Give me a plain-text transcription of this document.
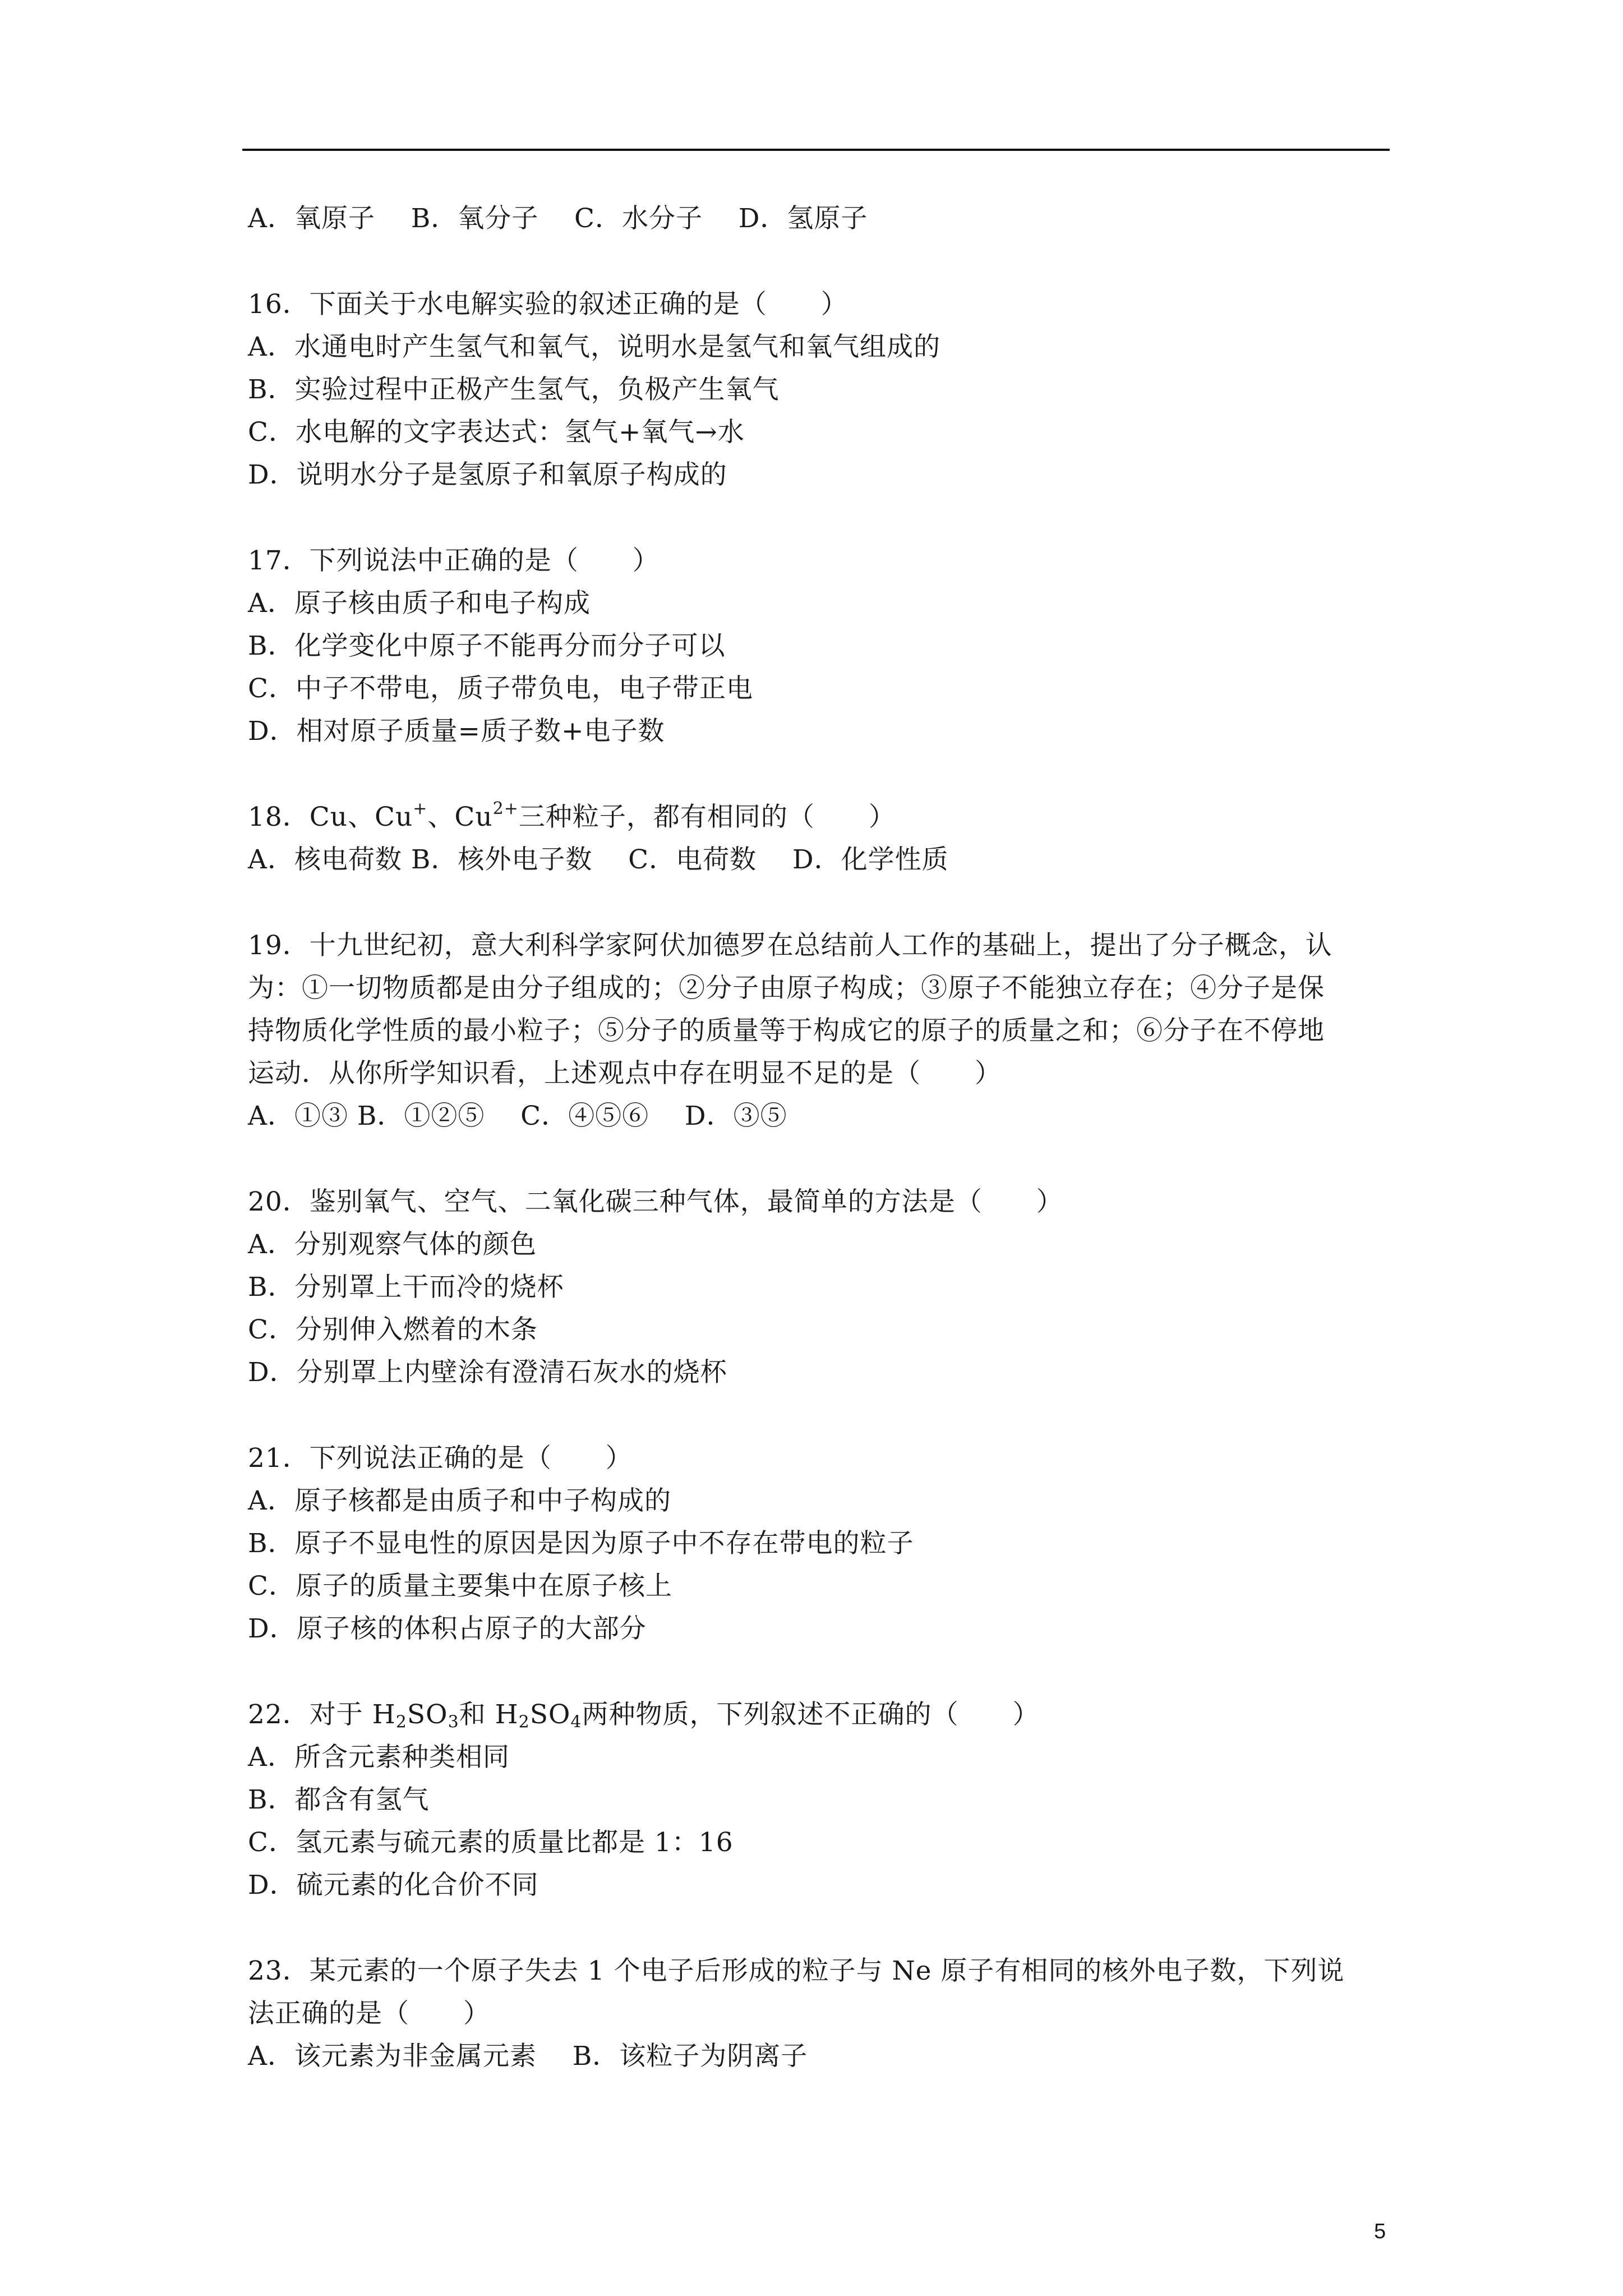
A．氧原子    B．氧分子    C．水分子    D．氢原子
16．下面关于水电解实验的叙述正确的是（　　）
A．水通电时产生氢气和氧气，说明水是氢气和氧气组成的
B．实验过程中正极产生氢气，负极产生氧气
C．水电解的文字表达式：氢气+氧气→水
D．说明水分子是氢原子和氧原子构成的
17．下列说法中正确的是（　　）
A．原子核由质子和电子构成
B．化学变化中原子不能再分而分子可以
C．中子不带电，质子带负电，电子带正电
D．相对原子质量=质子数+电子数
18．Cu、Cu+、$Cu^{2+}$三种粒子，都有相同的（　　）
A．核电荷数 B．核外电子数    C．电荷数    D．化学性质
19．十九世纪初，意大利科学家阿伏加德罗在总结前人工作的基础上，提出了分子概念，认
为：①一切物质都是由分子组成的；②分子由原子构成；③原子不能独立存在；④分子是保
持物质化学性质的最小粒子；⑤分子的质量等于构成它的原子的质量之和；⑥分子在不停地
运动．从你所学知识看，上述观点中存在明显不足的是（　　）
A．①③ B．①②⑤    C．④⑤⑥    D．③⑤
20．鉴别氧气、空气、二氧化碳三种气体，最简单的方法是（　　）
A．分别观察气体的颜色
B．分别罩上干而冷的烧杯
C．分别伸入燃着的木条
D．分别罩上内壁涂有澄清石灰水的烧杯
21．下列说法正确的是（　　）
A．原子核都是由质子和中子构成的
B．原子不显电性的原因是因为原子中不存在带电的粒子
C．原子的质量主要集中在原子核上
D．原子核的体积占原子的大部分
22．对于 $H_2SO_3$和 $H_2SO_4$两种物质，下列叙述不正确的（　　）
A．所含元素种类相同
B．都含有氢气
C．氢元素与硫元素的质量比都是 1：16
D．硫元素的化合价不同
23．某元素的一个原子失去 1 个电子后形成的粒子与 Ne 原子有相同的核外电子数，下列说
法正确的是（　　）
A．该元素为非金属元素    B．该粒子为阴离子
5
